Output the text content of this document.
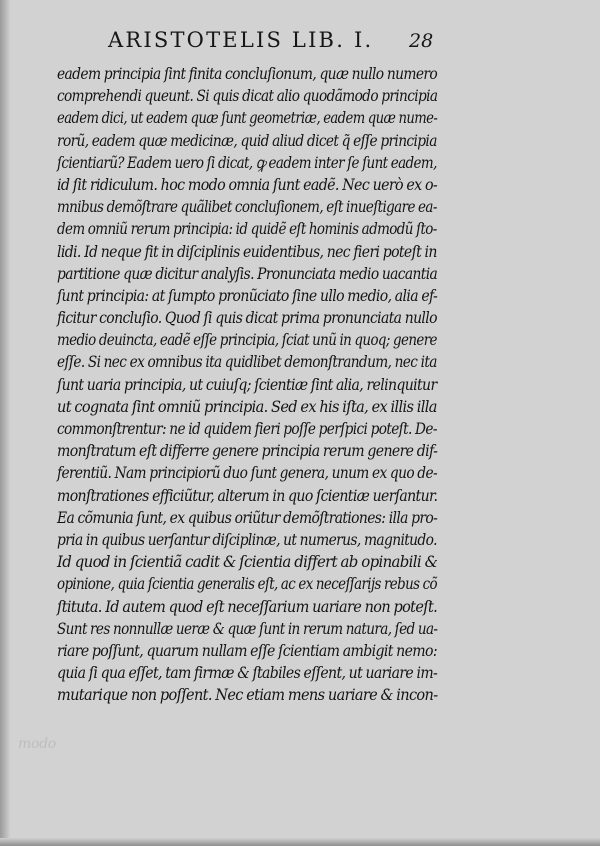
ARISTOTELIS LIB. I. 28
eadem principia ſint finita concluſionum, quæ nullo numero
comprehendi queunt. Si quis dicat alio quodãmodo principia
eadem dici, ut eadem quæ ſunt geometriæ, eadem quæ nume-
rorũ, eadem quæ medicinæ, quid aliud dicet q̃ eſſe principia
ſcientiarũ? Eadem uero ſi dicat, ꝙ eadem inter ſe ſunt eadem,
id ſit ridiculum. hoc modo omnia ſunt eadẽ. Nec uerò ex o-
mnibus demõſtrare quãlibet concluſionem, eſt inueſtigare ea-
dem omniũ rerum principia: id quidẽ eſt hominis admodũ ſto-
lidi. Id neque fit in diſciplinis euidentibus, nec fieri poteſt in
partitione quæ dicitur analyſis. Pronunciata medio uacantia
ſunt principia: at ſumpto pronũciato ſine ullo medio, alia ef-
ficitur concluſio. Quod ſi quis dicat prima pronunciata nullo
medio deuincta, eadẽ eſſe principia, ſciat unũ in quoq; genere
eſſe. Si nec ex omnibus ita quidlibet demonſtrandum, nec ita
ſunt uaria principia, ut cuiuſq; ſcientiæ ſint alia, relinquitur
ut cognata ſint omniũ principia. Sed ex his iſta, ex illis illa
commonſtrentur: ne id quidem fieri poſſe perſpici poteſt. De-
monſtratum eſt differre genere principia rerum genere dif-
ferentiũ. Nam principiorũ duo ſunt genera, unum ex quo de-
monſtrationes efficiũtur, alterum in quo ſcientiæ uerſantur.
Ea cõmunia ſunt, ex quibus oriũtur demõſtrationes: illa pro-
pria in quibus uerſantur diſciplinæ, ut numerus, magnitudo.
Id quod in ſcientiã cadit & ſcientia differt ab opinabili &
opinione, quia ſcientia generalis eſt, ac ex neceſſarijs rebus cõ
ſtituta. Id autem quod eſt neceſſarium uariare non poteſt.
Sunt res nonnullæ ueræ & quæ ſunt in rerum natura, ſed ua-
riare poſſunt, quarum nullam eſſe ſcientiam ambigit nemo:
quia ſi qua eſſet, tam firmæ & ſtabiles eſſent, ut uariare im-
mutarique non poſſent. Nec etiam mens uariare & incon-
modo
